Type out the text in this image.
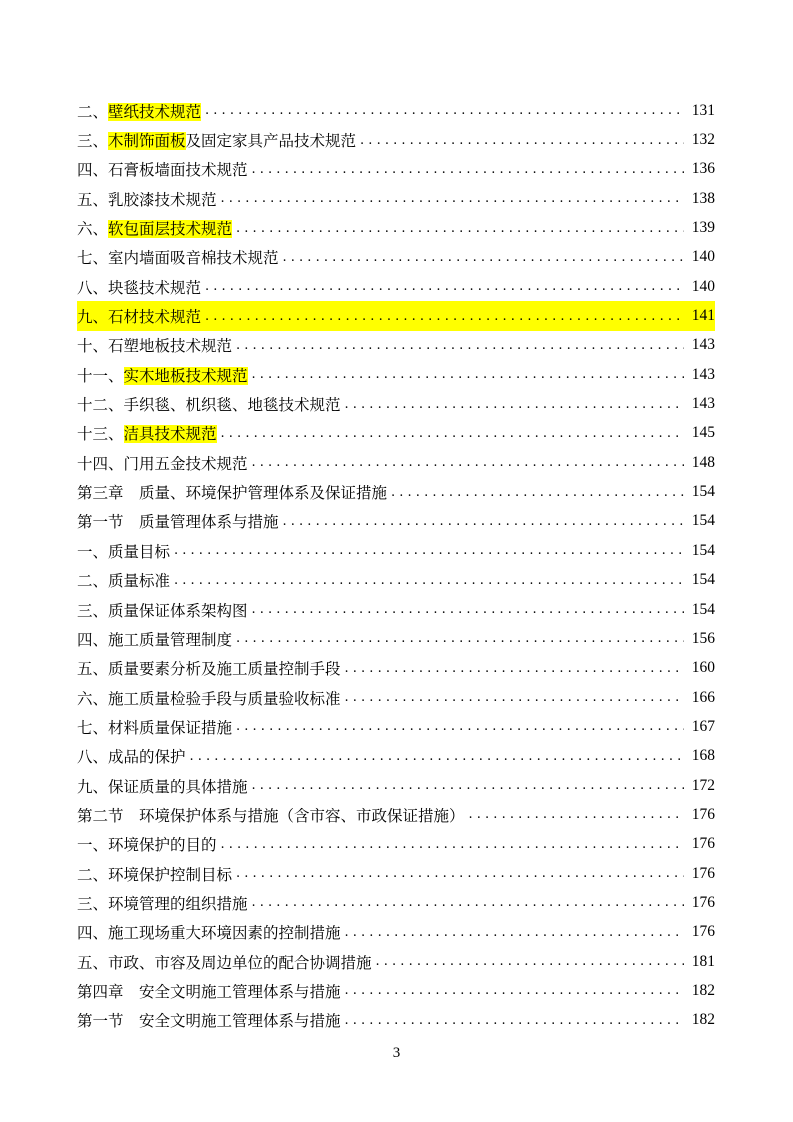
二、壁纸技术规范 . . .	131
三、木制饰面板及固定家具产品技术规范 . . .	132
四、石膏板墙面技术规范 . . .	136
五、乳胶漆技术规范 . . .	138
六、软包面层技术规范 . . .	139
七、室内墙面吸音棉技术规范 . . .	140
八、块毯技术规范 . . .	140
九、石材技术规范 . . .	141
十、石塑地板技术规范 . . .	143
十一、实木地板技术规范 . . .	143
十二、手织毯、机织毯、地毯技术规范 . . .	143
十三、洁具技术规范 . . .	145
十四、门用五金技术规范 . . .	148
第三章　质量、环境保护管理体系及保证措施 . . .	154
第一节　质量管理体系与措施 . . .	154
一、质量目标 . . .	154
二、质量标准 . . .	154
三、质量保证体系架构图 . . .	154
四、施工质量管理制度 . . .	156
五、质量要素分析及施工质量控制手段 . . .	160
六、施工质量检验手段与质量验收标准 . . .	166
七、材料质量保证措施 . . .	167
八、成品的保护 . . .	168
九、保证质量的具体措施 . . .	172
第二节　环境保护体系与措施（含市容、市政保证措施） . . .	176
一、环境保护的目的 . . .	176
二、环境保护控制目标 . . .	176
三、环境管理的组织措施 . . .	176
四、施工现场重大环境因素的控制措施 . . .	176
五、市政、市容及周边单位的配合协调措施 . . .	181
第四章　安全文明施工管理体系与措施 . . .	182
第一节　安全文明施工管理体系与措施 . . .	182
3
